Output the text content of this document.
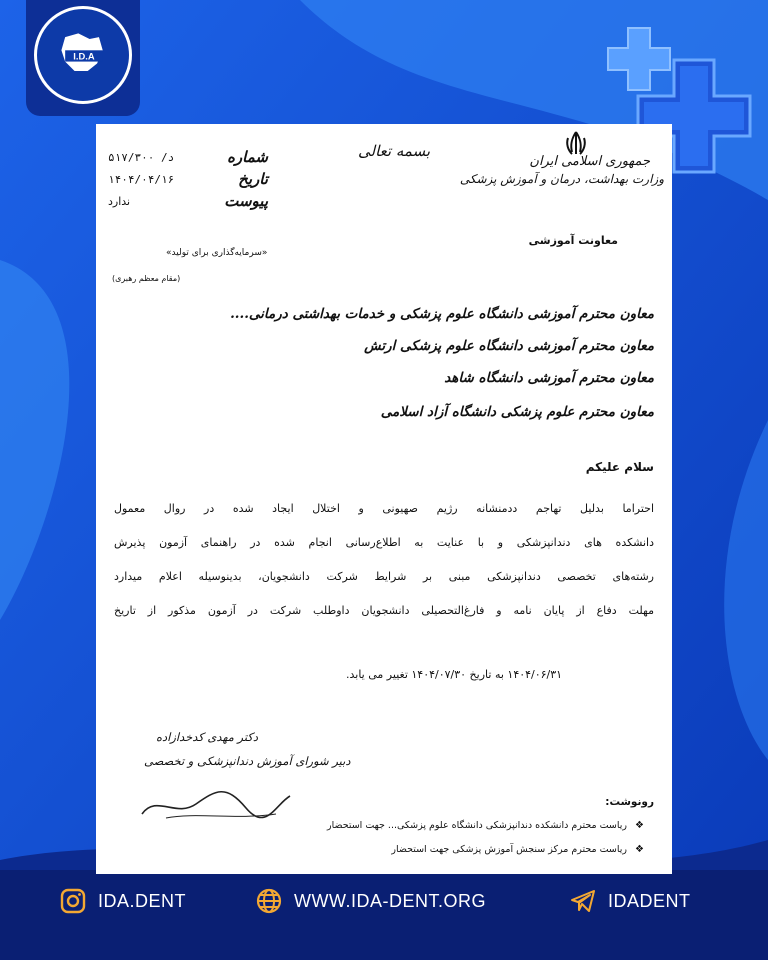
I.D.A
بسمه تعالی
جمهوری اسلامی ایران
وزارت بهداشت، درمان و آموزش پزشکی
معاونت آموزشی
شماره
۵۱۷/۳۰۰ /د
تاریخ
۱۴۰۴/۰۴/۱۶
پیوست
ندارد
«سرمایه‌گذاری برای تولید»
(مقام معظم رهبری)
معاون محترم آموزشی دانشگاه علوم پزشکی و خدمات بهداشتی درمانی....
معاون محترم آموزشی دانشگاه علوم پزشکی ارتش
معاون محترم آموزشی دانشگاه شاهد
معاون محترم علوم پزشکی دانشگاه آزاد اسلامی
سلام علیکم
احتراما بدلیل تهاجم ددمنشانه رژیم صهیونی و اختلال ایجاد شده در روال معمول
دانشکده های دندانپزشکی و با عنایت به اطلاع‌رسانی انجام شده در راهنمای آزمون پذیرش
رشته‌های تخصصی دندانپزشکی مبنی بر شرایط شرکت دانشجویان، بدینوسیله اعلام میدارد
مهلت دفاع از پایان نامه و فارغ‌التحصیلی دانشجویان داوطلب شرکت در آزمون مذکور از تاریخ
۱۴۰۴/۰۶/۳۱ به تاریخ ۱۴۰۴/۰۷/۳۰ تغییر می یابد.
دکتر مهدی کدخدازاده
دبیر شورای آموزش دندانپزشکی و تخصصی
رونوشت:
❖ریاست محترم دانشکده دندانپزشکی دانشگاه علوم پزشکی... جهت استحضار
❖ریاست محترم مرکز سنجش آموزش پزشکی جهت استحضار
IDA.DENT	WWW.IDA-DENT.ORG	IDADENT
